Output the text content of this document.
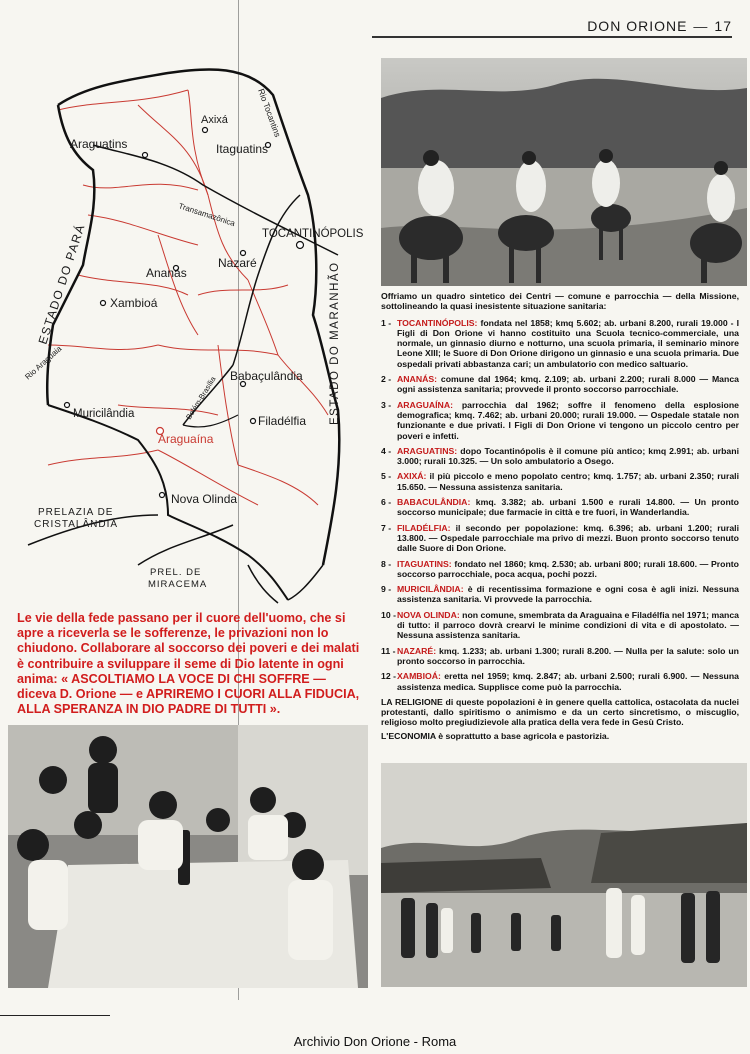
DON ORIONE — 17
Axixá
Araguatins	Itaguatins
Rio Tocantins
Transamazônica
TOCANTINÓPOLIS
ESTADO DO PARÁ	ESTADO DO MARANHÃO
Ananás
Nazaré
Xambioá
Rio Araguaia
Belém-Brasília Babaçulândia
Muricilândia	Filadélfia
Araguaína
Nova Olinda
PRELAZIA DE
CRISTALÂNDIA
PREL. DE
MIRACEMA
Le vie della fede passano per il cuore dell'uomo, che si apre a riceverla se le sofferenze, le privazioni non lo chiudono. Collaborare al soccorso dei poveri e dei malati è contribuire a sviluppare il seme di Dio latente in ogni anima: « ASCOLTIAMO LA VOCE DI CHI SOFFRE — diceva D. Orione — e APRIREMO I CUORI ALLA FIDUCIA, ALLA SPERANZA IN DIO PADRE DI TUTTI ».
Offriamo un quadro sintetico dei Centri — comune e parrocchia — della Missione, sottolineando la quasi inesistente situazione sanitaria:
1 - TOCANTINÓPOLIS: fondata nel 1858; kmq 5.602; ab. urbani 8.200, rurali 19.000 - I Figli di Don Orione vi hanno costituito una Scuola tecnico-commerciale, una normale, un ginnasio diurno e notturno, una scuola primaria, il seminario minore Leone XIII; le Suore di Don Orione dirigono un ginnasio e una scuola primaria. Due ospedali privati abbastanza cari; un ambulatorio con medico saltuario.
2 - ANANÁS: comune dal 1964; kmq. 2.109; ab. urbani 2.200; rurali 8.000 — Manca ogni assistenza sanitaria; provvede il pronto soccorso parrocchiale.
3 - ARAGUAÍNA: parrocchia dal 1962; soffre il fenomeno della esplosione demografica; kmq. 7.462; ab. urbani 20.000; rurali 19.000. — Ospedale statale non funzionante e due privati. I Figli di Don Orione vi tengono un piccolo centro per poveri e infetti.
4 - ARAGUATINS: dopo Tocantinópolis è il comune più antico; kmq 2.991; ab. urbani 3.000; rurali 10.325. — Un solo ambulatorio a Osego.
5 - AXIXÁ: il più piccolo e meno popolato centro; kmq. 1.757; ab. urbani 2.350; rurali 15.650. — Nessuna assistenza sanitaria.
6 - BABACULÂNDIA: kmq. 3.382; ab. urbani 1.500 e rurali 14.800. — Un pronto soccorso municipale; due farmacie in città e tre fuori, in Wanderlandia.
7 - FILADÉLFIA: il secondo per popolazione: kmq. 6.396; ab. urbani 1.200; rurali 13.800. — Ospedale parrocchiale ma privo di mezzi. Buon pronto soccorso tenuto dalle Suore di Don Orione.
8 - ITAGUATINS: fondato nel 1860; kmq. 2.530; ab. urbani 800; rurali 18.600. — Pronto soccorso parrocchiale, poca acqua, pochi pozzi.
9 - MURICILÂNDIA: è di recentissima formazione e ogni cosa è agli inizi. Nessuna assistenza sanitaria. Vi provvede la parrocchia.
10 - NOVA OLINDA: non comune, smembrata da Araguaina e Filadélfia nel 1971; manca di tutto: il parroco dovrà crearvi le minime condizioni di vita e di apostolato. — Nessuna assistenza sanitaria.
11 - NAZARÉ: kmq. 1.233; ab. urbani 1.300; rurali 8.200. — Nulla per la salute: solo un pronto soccorso in parrocchia.
12 - XAMBIOÁ: eretta nel 1959; kmq. 2.847; ab. urbani 2.500; rurali 6.900. — Nessuna assistenza medica. Supplisce come può la parrocchia.
LA RELIGIONE di queste popolazioni è in genere quella cattolica, ostacolata da nuclei protestanti, dallo spiritismo o animismo e da un certo sincretismo, o miscuglio, religioso molto pregiudizievole alla pratica della vera fede in Gesù Cristo.
L'ECONOMIA è soprattutto a base agricola e pastorizia.
Archivio Don Orione - Roma
